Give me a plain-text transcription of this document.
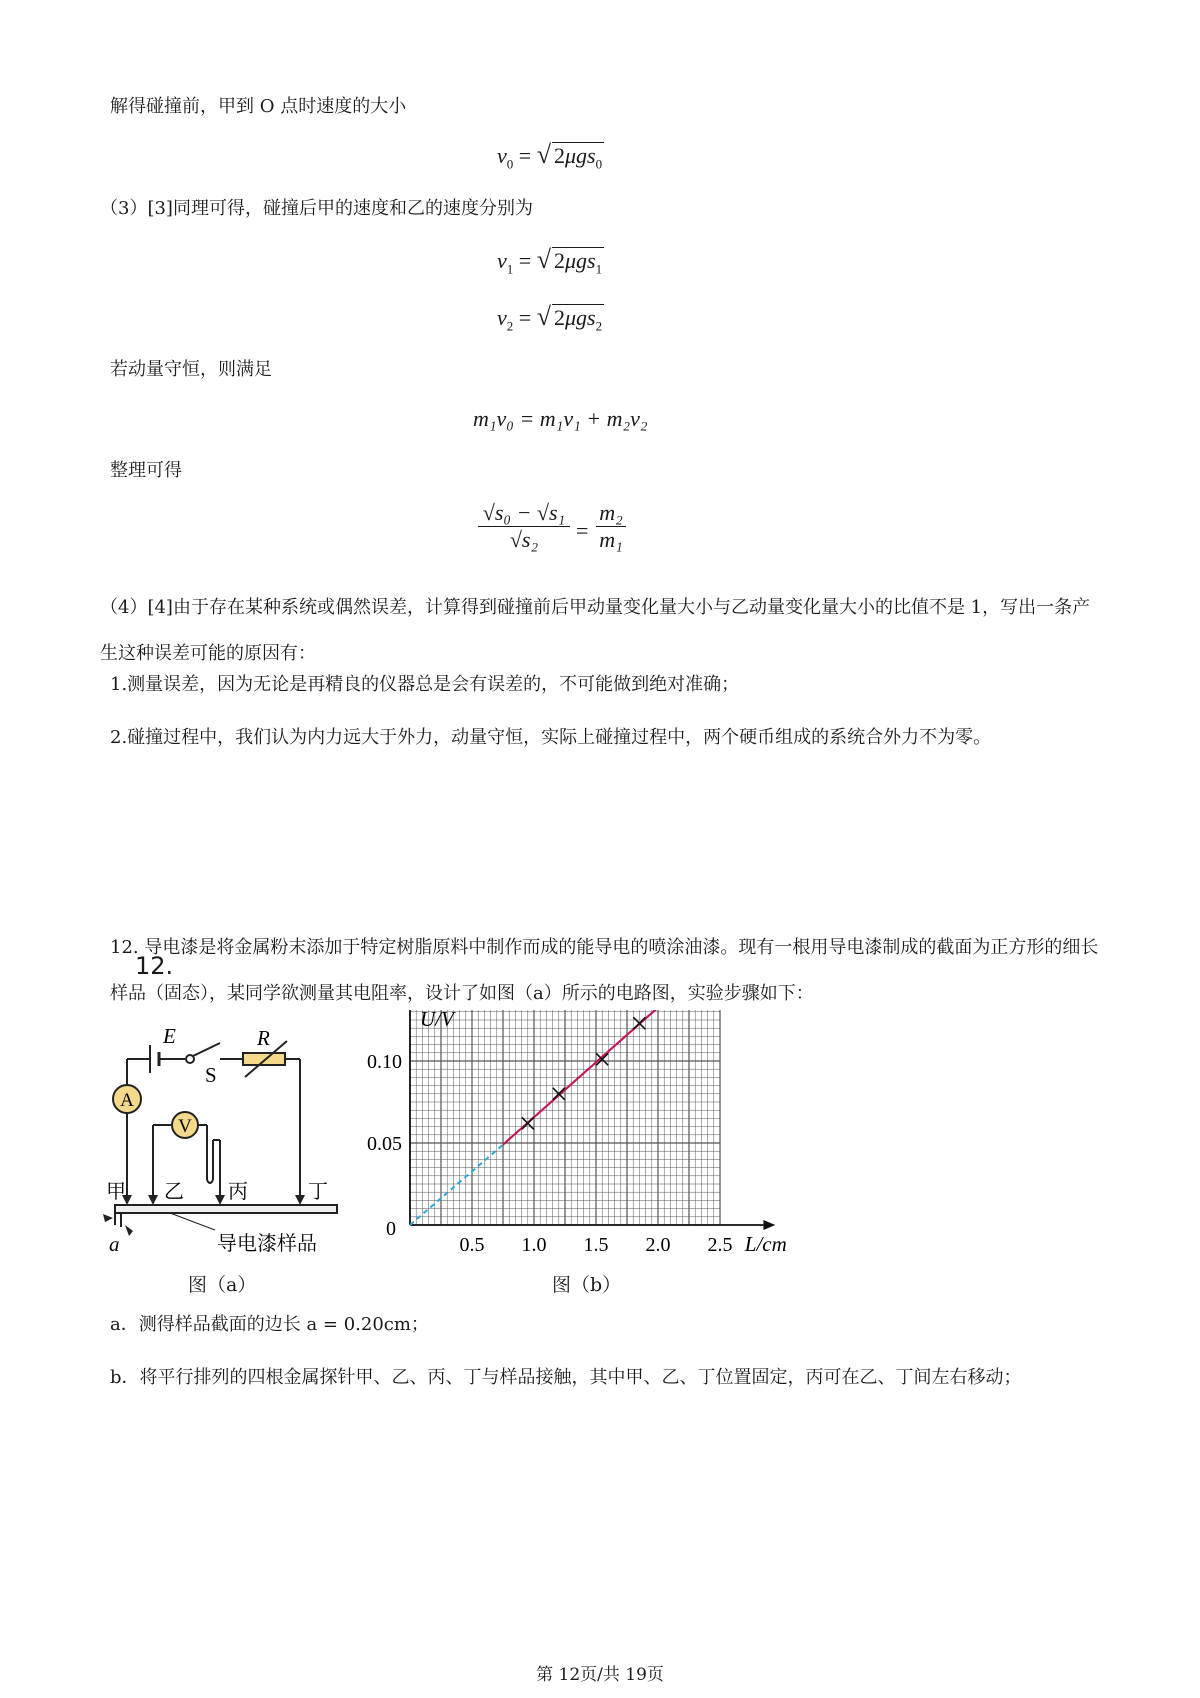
解得碰撞前，甲到 O 点时速度的大小
$v_0$ = √ 2μgs$_0$
（3）[3]同理可得，碰撞后甲的速度和乙的速度分别为
$v_1$ = √ 2μgs$_1$
$v_2$ = √ 2μgs$_2$
若动量守恒，则满足
m₁v₀ = m₁v₁ + m₂v₂
整理可得
$\frac{\text{√s₀ − √s₁}}{\text{√s₂}} = \frac{\text{m₂}}{\text{m₁}}$
（4）[4]由于存在某种系统或偶然误差，计算得到碰撞前后甲动量变化量大小与乙动量变化量大小的比值不是 1，写出一条产生这种误差可能的原因有：
1.测量误差，因为无论是再精良的仪器总是会有误差的，不可能做到绝对准确；
2.碰撞过程中，我们认为内力远大于外力，动量守恒，实际上碰撞过程中，两个硬币组成的系统合外力不为零。
12.
12. 导电漆是将金属粉末添加于特定树脂原料中制作而成的能导电的喷涂油漆。现有一根用导电漆制成的截面为正方形的细长样品（固态），某同学欲测量其电阻率，设计了如图（a）所示的电路图，实验步骤如下：
A
V
E
S
R
甲 乙 丙	丁
a	导电漆样品
图（a）
0.5 1.0 1.5 2.0 2.5
0.05
0.10
0
L/cm
U/V
图（b）
a．测得样品截面的边长 a = 0.20cm；
b．将平行排列的四根金属探针甲、乙、丙、丁与样品接触，其中甲、乙、丁位置固定，丙可在乙、丁间左右移动；
第 12页/共 19页
